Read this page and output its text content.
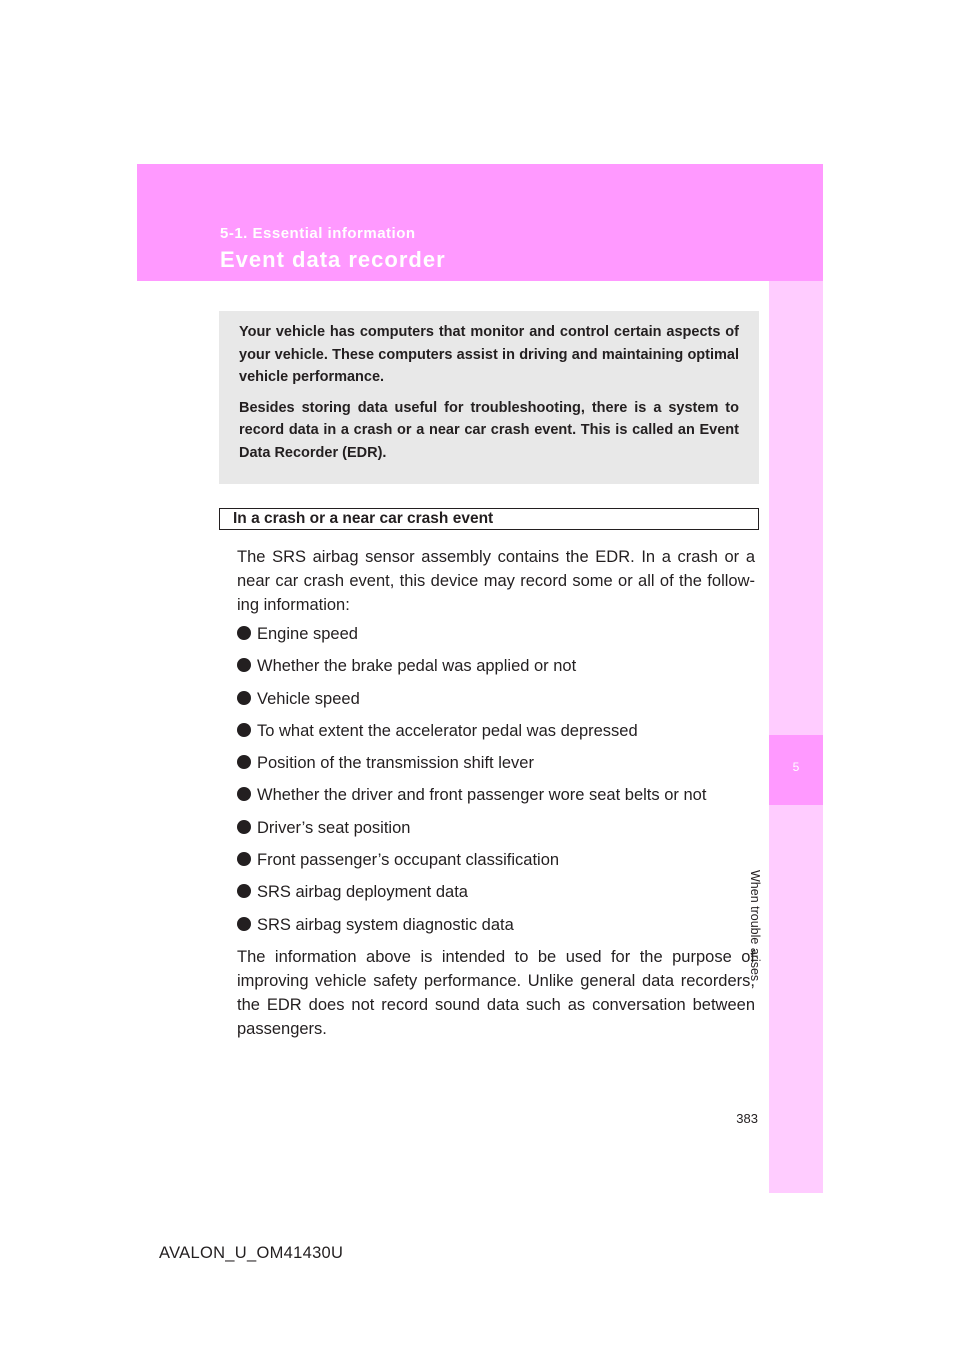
5-1. Essential information
Event data recorder
5
When trouble arises

Your vehicle has computers that monitor and control certain aspects of your vehicle. These computers assist in driving and maintaining optimal vehicle performance.

Besides storing data useful for troubleshooting, there is a system to record data in a crash or a near car crash event. This is called an Event Data Recorder (EDR).

In a crash or a near car crash event

The SRS airbag sensor assembly contains the EDR. In a crash or a near car crash event, this device may record some or all of the follow-ing information:

Engine speed
Whether the brake pedal was applied or not
Vehicle speed
To what extent the accelerator pedal was depressed
Position of the transmission shift lever
Whether the driver and front passenger wore seat belts or not
Driver’s seat position
Front passenger’s occupant classification
SRS airbag deployment data
SRS airbag system diagnostic data

The information above is intended to be used for the purpose of improving vehicle safety performance. Unlike general data recorders, the EDR does not record sound data such as conversation between passengers.

383
AVALON_U_OM41430U
